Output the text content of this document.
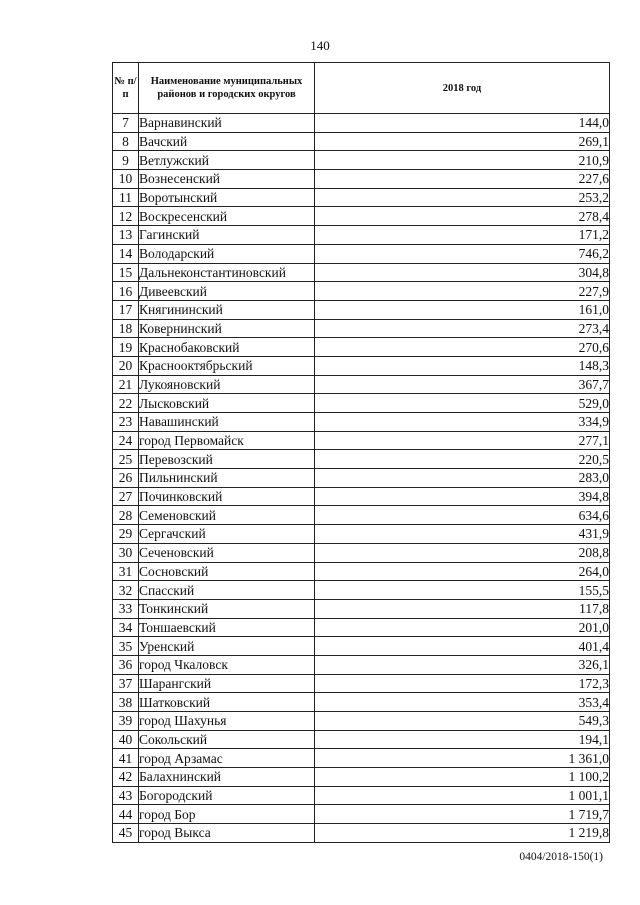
140
№ п/п	Наименование муниципальных районов и городских округов	2018 год
7	Варнавинский	144,0
8	Вачский	269,1
9	Ветлужский	210,9
10	Вознесенский	227,6
11	Воротынский	253,2
12	Воскресенский	278,4
13	Гагинский	171,2
14	Володарский	746,2
15	Дальнеконстантиновский	304,8
16	Дивеевский	227,9
17	Княгининский	161,0
18	Ковернинский	273,4
19	Краснобаковский	270,6
20	Краснооктябрьский	148,3
21	Лукояновский	367,7
22	Лысковский	529,0
23	Навашинский	334,9
24	город Первомайск	277,1
25	Перевозский	220,5
26	Пильнинский	283,0
27	Починковский	394,8
28	Семеновский	634,6
29	Сергачский	431,9
30	Сеченовский	208,8
31	Сосновский	264,0
32	Спасский	155,5
33	Тонкинский	117,8
34	Тоншаевский	201,0
35	Уренский	401,4
36	город Чкаловск	326,1
37	Шарангский	172,3
38	Шатковский	353,4
39	город Шахунья	549,3
40	Сокольский	194,1
41	город Арзамас	1 361,0
42	Балахнинский	1 100,2
43	Богородский	1 001,1
44	город Бор	1 719,7
45	город Выкса	1 219,8
0404/2018-150(1)
